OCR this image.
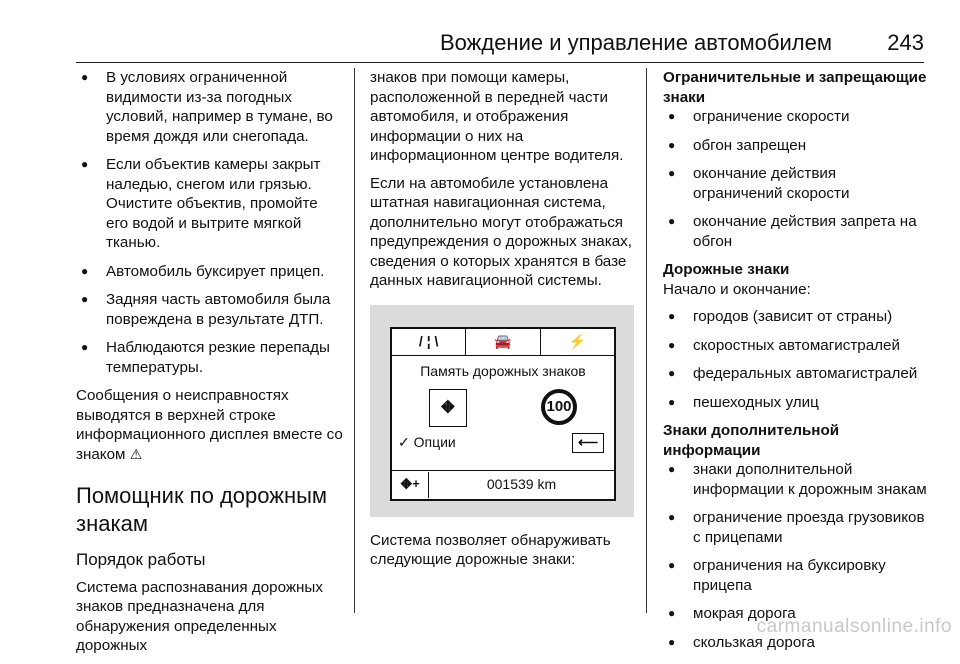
Вождение и управление автомобилем	243
● В условиях ограниченной видимости из-за погодных условий, например в тумане, во время дождя или снегопада.
● Если объектив камеры закрыт наледью, снегом или грязью. Очистите объектив, промойте его водой и вытрите мягкой тканью.
● Автомобиль буксирует прицеп.
● Задняя часть автомобиля была повреждена в результате ДТП.
● Наблюдаются резкие перепады температуры.

Сообщения о неисправностях выводятся в верхней строке информационного дисплея вместе со знаком ⚠

Помощник по дорожным знакам
Порядок работы

Система распознавания дорожных знаков предназначена для обнаружения определенных дорожных

знаков при помощи камеры, расположенной в передней части автомобиля, и отображения информации о них на информационном центре водителя.

Если на автомобиле установлена штатная навигационная система, дополнительно могут отображаться предупреждения о дорожных знаках, сведения о которых хранятся в базе данных навигационной системы.

/ ¦ \	🚘	⚡
Память дорожных знаков
⛖	100
✓ Опции	⟵
⛖ +	001539 km

Система позволяет обнаруживать следующие дорожные знаки:

Ограничительные и запрещающие знаки

● ограничение скорости
● обгон запрещен
● окончание действия ограничений скорости
● окончание действия запрета на обгон

Дорожные знаки

Начало и окончание:

● городов (зависит от страны)
● скоростных автомагистралей
● федеральных автомагистралей
● пешеходных улиц

Знаки дополнительной информации

● знаки дополнительной информации к дорожным знакам
● ограничение проезда грузовиков с прицепами
● ограничения на буксировку прицепа
● мокрая дорога
● скользкая дорога
carmanualsonline.info
